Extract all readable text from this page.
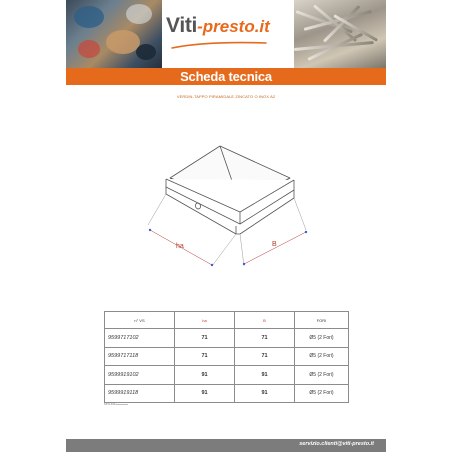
Viti-presto.it
Scheda tecnica
VERDIN-TAPPO PIRAMIDALE ZINCATO O INOX A2
ha	B
n° VS	ha	B	FORI
9599717102	71	71	Ø5 (2 Fori)
9599717118	71	71	Ø5 (2 Fori)
9599919102	91	91	Ø5 (2 Fori)
9599919118	91	91	Ø5 (2 Fori)
MISURE:
servizio.clienti@viti-presto.it
